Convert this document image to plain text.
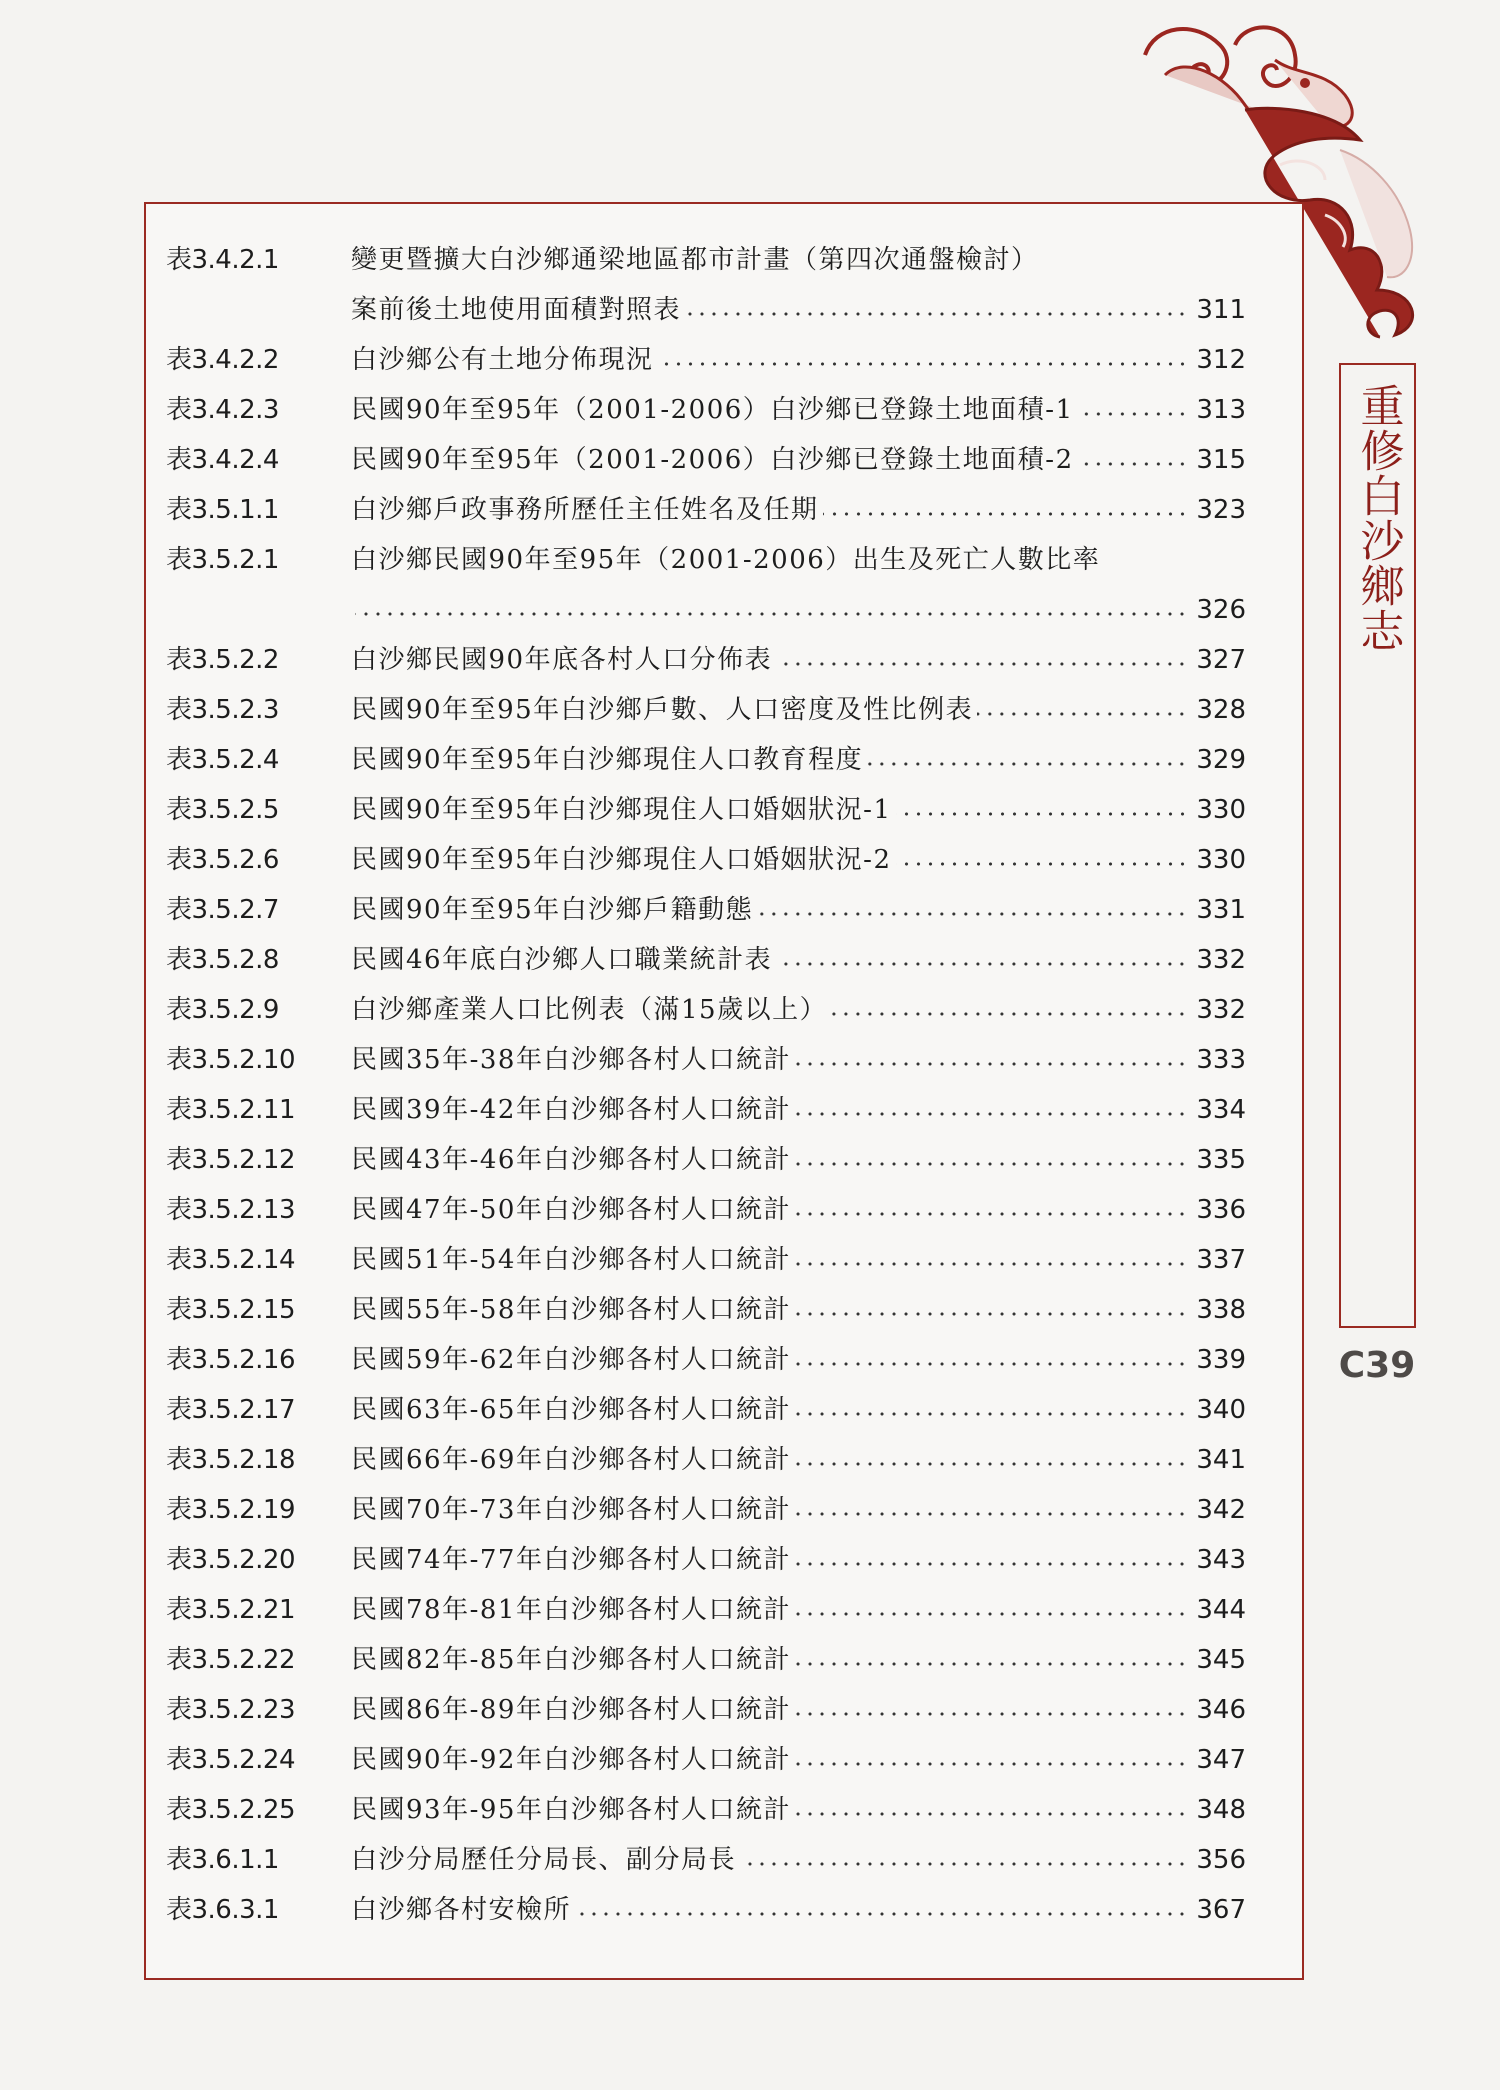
表3.4.2.1	變更暨擴大白沙鄉通梁地區都市計畫（第四次通盤檢討）
案前後土地使用面積對照表	311
表3.4.2.2	白沙鄉公有土地分佈現況	312
表3.4.2.3	民國90年至95年（2001-2006）白沙鄉已登錄土地面積-1	313
表3.4.2.4	民國90年至95年（2001-2006）白沙鄉已登錄土地面積-2	315
表3.5.1.1	白沙鄉戶政事務所歷任主任姓名及任期	323
表3.5.2.1	白沙鄉民國90年至95年（2001-2006）出生及死亡人數比率
326
表3.5.2.2	白沙鄉民國90年底各村人口分佈表	327
表3.5.2.3	民國90年至95年白沙鄉戶數、人口密度及性比例表	328
表3.5.2.4	民國90年至95年白沙鄉現住人口教育程度	329
表3.5.2.5	民國90年至95年白沙鄉現住人口婚姻狀況-1	330
表3.5.2.6	民國90年至95年白沙鄉現住人口婚姻狀況-2	330
表3.5.2.7	民國90年至95年白沙鄉戶籍動態	331
表3.5.2.8	民國46年底白沙鄉人口職業統計表	332
表3.5.2.9	白沙鄉產業人口比例表（滿15歲以上）	332
表3.5.2.10	民國35年-38年白沙鄉各村人口統計	333
表3.5.2.11	民國39年-42年白沙鄉各村人口統計	334
表3.5.2.12	民國43年-46年白沙鄉各村人口統計	335
表3.5.2.13	民國47年-50年白沙鄉各村人口統計	336
表3.5.2.14	民國51年-54年白沙鄉各村人口統計	337
表3.5.2.15	民國55年-58年白沙鄉各村人口統計	338
表3.5.2.16	民國59年-62年白沙鄉各村人口統計	339
表3.5.2.17	民國63年-65年白沙鄉各村人口統計	340
表3.5.2.18	民國66年-69年白沙鄉各村人口統計	341
表3.5.2.19	民國70年-73年白沙鄉各村人口統計	342
表3.5.2.20	民國74年-77年白沙鄉各村人口統計	343
表3.5.2.21	民國78年-81年白沙鄉各村人口統計	344
表3.5.2.22	民國82年-85年白沙鄉各村人口統計	345
表3.5.2.23	民國86年-89年白沙鄉各村人口統計	346
表3.5.2.24	民國90年-92年白沙鄉各村人口統計	347
表3.5.2.25	民國93年-95年白沙鄉各村人口統計	348
表3.6.1.1	白沙分局歷任分局長、副分局長	356
表3.6.3.1	白沙鄉各村安檢所	367
重修白沙鄉志
C39
